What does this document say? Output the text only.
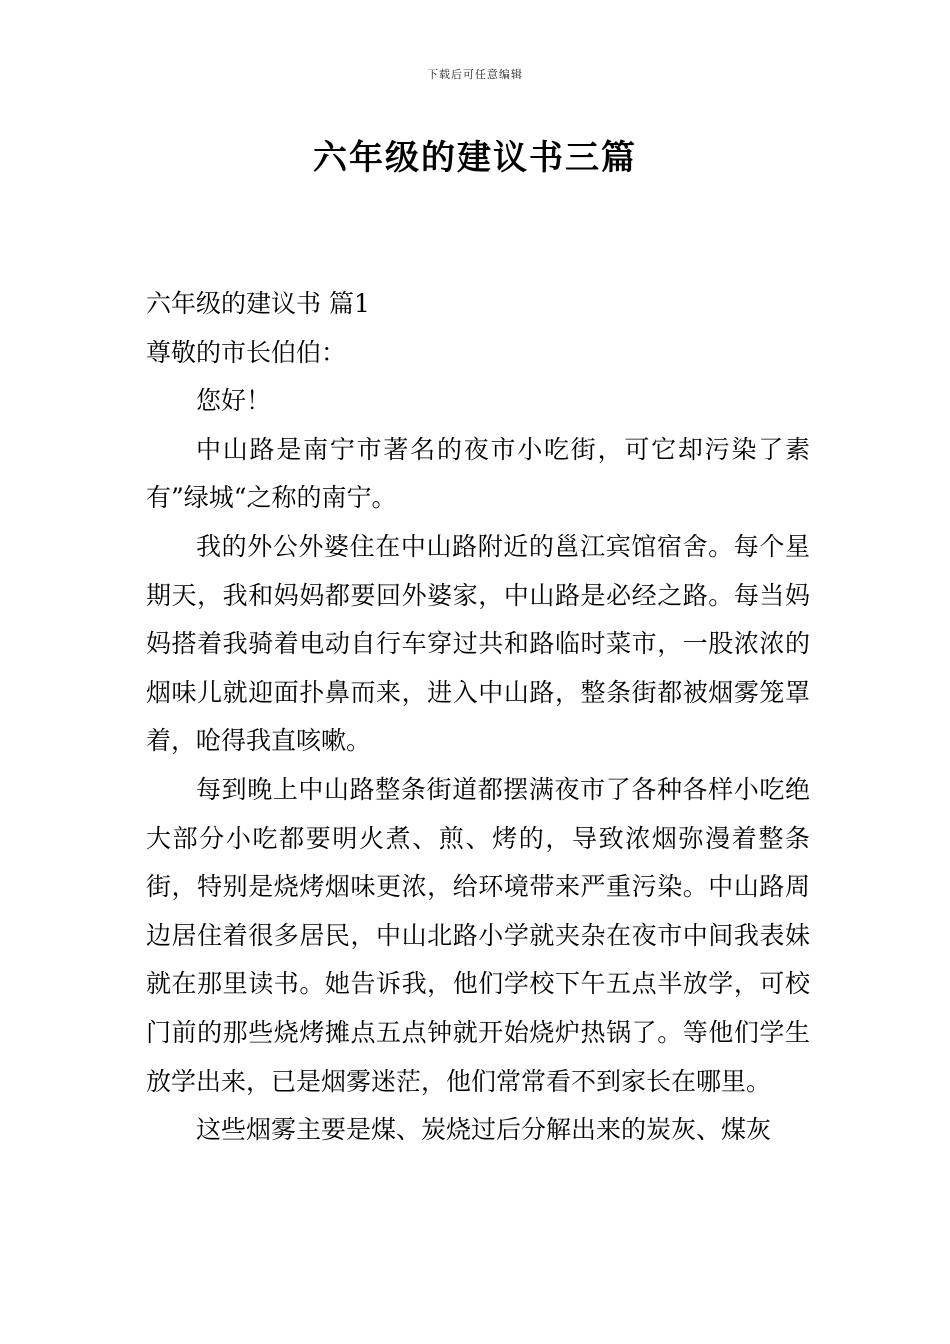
下载后可任意编辑
六年级的建议书三篇

六年级的建议书 篇1

尊敬的市长伯伯：

您好！

中山路是南宁市著名的夜市小吃街，可它却污染了素有”绿城“之称的南宁。

我的外公外婆住在中山路附近的邕江宾馆宿舍。每个星期天，我和妈妈都要回外婆家，中山路是必经之路。每当妈妈搭着我骑着电动自行车穿过共和路临时菜市，一股浓浓的烟味儿就迎面扑鼻而来，进入中山路，整条街都被烟雾笼罩着，呛得我直咳嗽。

每到晚上中山路整条街道都摆满夜市了各种各样小吃绝大部分小吃都要明火煮、煎、烤的，导致浓烟弥漫着整条街，特别是烧烤烟味更浓，给环境带来严重污染。中山路周边居住着很多居民，中山北路小学就夹杂在夜市中间我表妹就在那里读书。她告诉我，他们学校下午五点半放学，可校门前的那些烧烤摊点五点钟就开始烧炉热锅了。等他们学生放学出来，已是烟雾迷茫，他们常常看不到家长在哪里。

这些烟雾主要是煤、炭烧过后分解出来的炭灰、煤灰
